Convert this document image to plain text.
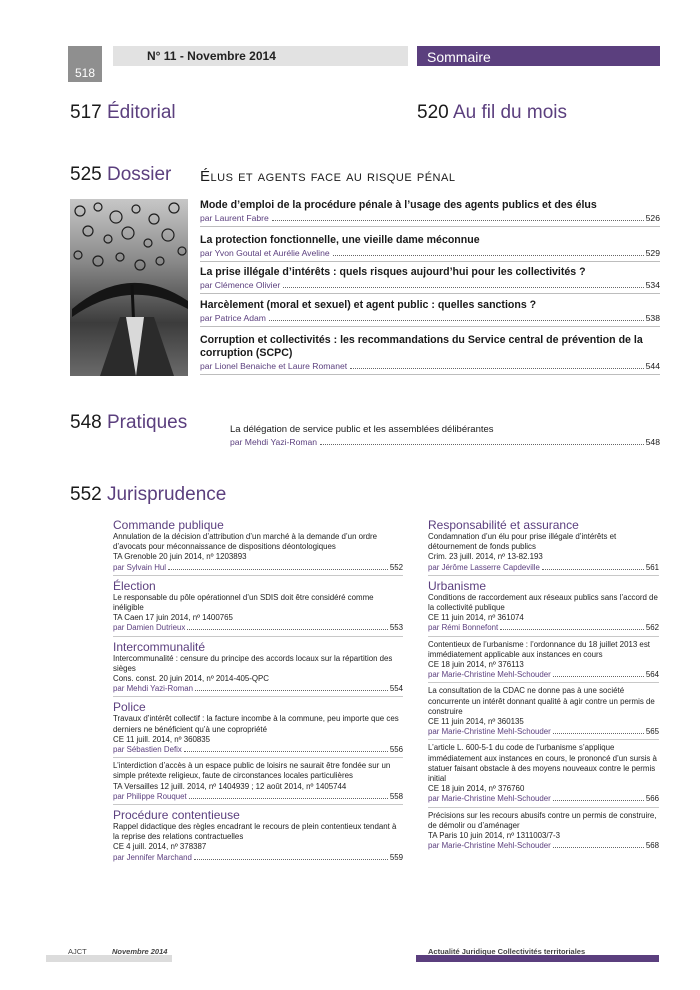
518
N° 11 - Novembre 2014	Sommaire
517 Éditorial	520 Au fil du mois
525 Dossier Élus et agents face au risque pénal
Mode d’emploi de la procédure pénale à l’usage des agents publics et des élus
par Laurent Fabre	526
La protection fonctionnelle, une vieille dame méconnue
par Yvon Goutal et Aurélie Aveline	529
La prise illégale d’intérêts : quels risques aujourd’hui pour les collectivités ?
par Clémence Olivier	534
Harcèlement (moral et sexuel) et agent public : quelles sanctions ?
par Patrice Adam	538
Corruption et collectivités : les recommandations du Service central de prévention de la corruption (SCPC)
par Lionel Benaiche et Laure Romanet	544
548 Pratiques	La délégation de service public et les assemblées délibérantes
par Mehdi Yazi-Roman	548
552 Jurisprudence
Commande publique
Annulation de la décision d’attribution d’un marché à la demande d’un ordre d’avocats pour méconnaissance de dispositions déontologiques
TA Grenoble 20 juin 2014, nº 1203893
par Sylvain Hul	552
Élection
Le responsable du pôle opérationnel d’un SDIS doit être considéré comme inéligible
TA Caen 17 juin 2014, nº 1400765
par Damien Dutrieux	553
Intercommunalité
Intercommunalité : censure du principe des accords locaux sur la répartition des sièges
Cons. const. 20 juin 2014, nº 2014-405-QPC
par Mehdi Yazi-Roman	554
Police
Travaux d’intérêt collectif : la facture incombe à la commune, peu importe que ces derniers ne bénéficient qu’à une copropriété
CE 11 juill. 2014, nº 360835
par Sébastien Defix	556
L’interdiction d’accès à un espace public de loisirs ne saurait être fondée sur un simple prétexte religieux, faute de circonstances locales particulières
TA Versailles 12 juill. 2014, nº 1404939 ; 12 août 2014, nº 1405744
par Philippe Rouquet	558
Procédure contentieuse
Rappel didactique des règles encadrant le recours de plein contentieux tendant à la reprise des relations contractuelles
CE 4 juill. 2014, nº 378387
par Jennifer Marchand	559
Responsabilité et assurance
Condamnation d’un élu pour prise illégale d’intérêts et détournement de fonds publics
Crim. 23 juill. 2014, nº 13-82.193
par Jérôme Lasserre Capdeville	561
Urbanisme
Conditions de raccordement aux réseaux publics sans l’accord de la collectivité publique
CE 11 juin 2014, nº 361074
par Rémi Bonnefont	562
Contentieux de l’urbanisme : l’ordonnance du 18 juillet 2013 est immédiatement applicable aux instances en cours
CE 18 juin 2014, nº 376113
par Marie-Christine Mehl-Schouder	564
La consultation de la CDAC ne donne pas à une société concurrente un intérêt donnant qualité à agir contre un permis de construire
CE 11 juin 2014, nº 360135
par Marie-Christine Mehl-Schouder	565
L’article L. 600-5-1 du code de l’urbanisme s’applique immédiatement aux instances en cours, le prononcé d’un sursis à statuer faisant obstacle à des moyens nouveaux contre le permis initial
CE 18 juin 2014, nº 376760
par Marie-Christine Mehl-Schouder	566
Précisions sur les recours abusifs contre un permis de construire, de démolir ou d’aménager
TA Paris 10 juin 2014, nº 1311003/7-3
par Marie-Christine Mehl-Schouder	568
AJCT	Novembre 2014	Actualité Juridique Collectivités territoriales
